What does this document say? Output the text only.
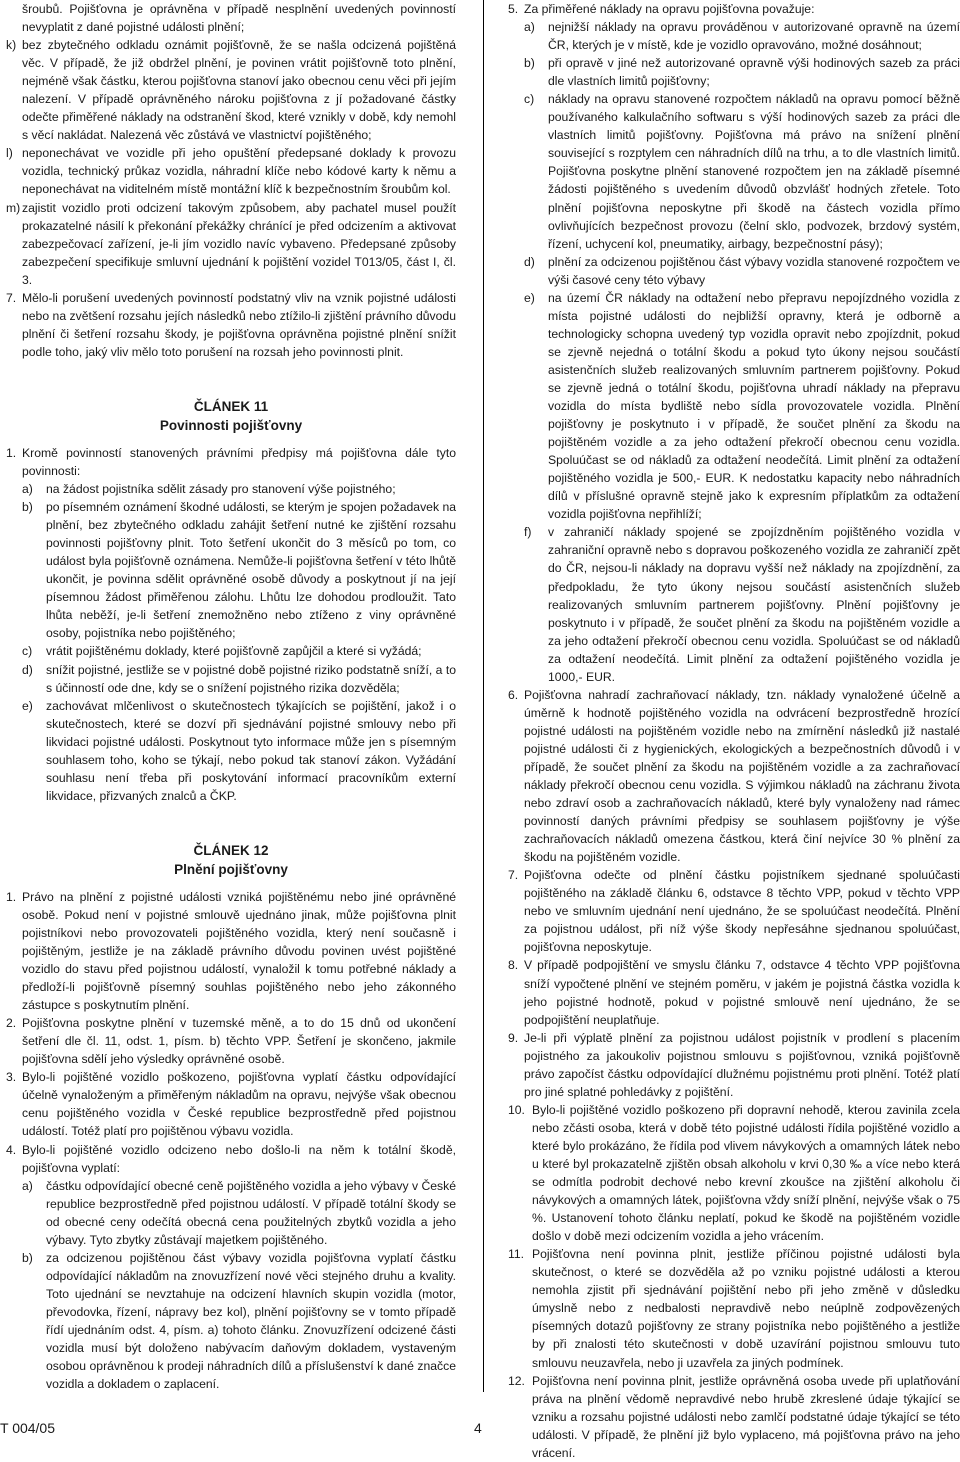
šroubů. Pojišťovna je oprávněna v případě nesplnění uvedených povinností nevyplatit z dané pojistné události plnění;

k) bez zbytečného odkladu oznámit pojišťovně, že se našla odcizená pojištěná věc. V případě, že již obdržel plnění, je povinen vrátit pojišťovně toto plnění, nejméně však částku, kterou pojišťovna stanoví jako obecnou cenu věci při jejím nalezení. V případě oprávněného nároku pojišťovna z jí požadované částky odečte přiměřené náklady na odstranění škod, které vznikly v době, kdy nemohl s věcí nakládat. Nalezená věc zůstává ve vlastnictví pojištěného;
l) neponechávat ve vozidle při jeho opuštění předepsané doklady k provozu vozidla, technický průkaz vozidla, náhradní klíče nebo kódové karty k němu a neponechávat na viditelném místě montážní klíč k bezpečnostním šroubům kol.
m) zajistit vozidlo proti odcizení takovým způsobem, aby pachatel musel použít prokazatelné násilí k překonání překážky chránící je před odcizením a aktivovat zabezpečovací zařízení, je-li jím vozidlo navíc vybaveno. Předepsané způsoby zabezpečení specifikuje smluvní ujednání k pojištění vozidel T013/05, část I, čl. 3.
7. Mělo-li porušení uvedených povinností podstatný vliv na vznik pojistné události nebo na zvětšení rozsahu jejích následků nebo ztížilo-li zjištění právního důvodu plnění či šetření rozsahu škody, je pojišťovna oprávněna pojistné plnění snížit podle toho, jaký vliv mělo toto porušení na rozsah jeho povinnosti plnit.
ČLÁNEK 11
Povinnosti pojišťovny
1. Kromě povinností stanovených právními předpisy má pojišťovna dále tyto povinnosti:
a)	na žádost pojistníka sdělit zásady pro stanovení výše pojistného;
b)	po písemném oznámení škodné události, se kterým je spojen požadavek na plnění, bez zbytečného odkladu zahájit šetření nutné ke zjištění rozsahu povinnosti pojišťovny plnit. Toto šetření ukončit do 3 měsíců po tom, co událost byla pojišťovně oznámena. Nemůže-li pojišťovna šetření v této lhůtě ukončit, je povinna sdělit oprávněné osobě důvody a poskytnout jí na její písemnou žádost přiměřenou zálohu. Lhůtu lze dohodou prodloužit. Tato lhůta neběží, je-li šetření znemožněno nebo ztíženo z viny oprávněné osoby, pojistníka nebo pojištěného;
c)	vrátit pojištěnému doklady, které pojišťovně zapůjčil a které si vyžádá;
d)	snížit pojistné, jestliže se v pojistné době pojistné riziko podstatně sníží, a to s účinností ode dne, kdy se o snížení pojistného rizika dozvěděla;
e)	zachovávat mlčenlivost o skutečnostech týkajících se pojištění, jakož i o skutečnostech, které se dozví při sjednávání pojistné smlouvy nebo při likvidaci pojistné události. Poskytnout tyto informace může jen s písemným souhlasem toho, koho se týkají, nebo pokud tak stanoví zákon. Vyžádání souhlasu není třeba při poskytování informací pracovníkům externí likvidace, přizvaných znalců a ČKP.
ČLÁNEK 12
Plnění pojišťovny
1. Právo na plnění z pojistné události vzniká pojištěnému nebo jiné oprávněné osobě. Pokud není v pojistné smlouvě ujednáno jinak, může pojišťovna plnit pojistníkovi nebo provozovateli pojištěného vozidla, který není současně i pojištěným, jestliže je na základě právního důvodu povinen uvést pojištěné vozidlo do stavu před pojistnou událostí, vynaložil k tomu potřebné náklady a předloží-li pojišťovně písemný souhlas pojištěného nebo jeho zákonného zástupce s poskytnutím plnění.
2. Pojišťovna poskytne plnění v tuzemské měně, a to do 15 dnů od ukončení šetření dle čl. 11, odst. 1, písm. b) těchto VPP. Šetření je skončeno, jakmile pojišťovna sdělí jeho výsledky oprávněné osobě.
3. Bylo-li pojištěné vozidlo poškozeno, pojišťovna vyplatí částku odpovídající účelně vynaloženým a přiměřeným nákladům na opravu, nejvýše však obecnou cenu pojištěného vozidla v České republice bezprostředně před pojistnou událostí. Totéž platí pro pojištěnou výbavu vozidla.
4. Bylo-li pojištěné vozidlo odcizeno nebo došlo-li na něm k totální škodě, pojišťovna vyplatí:
a)	částku odpovídající obecné ceně pojištěného vozidla a jeho výbavy v České republice bezprostředně před pojistnou událostí. V případě totální škody se od obecné ceny odečítá obecná cena použitelných zbytků vozidla a jeho výbavy. Tyto zbytky zůstávají majetkem pojištěného.
b)	za odcizenou pojištěnou část výbavy vozidla pojišťovna vyplatí částku odpovídající nákladům na znovuzřízení nové věci stejného druhu a kvality. Toto ujednání se nevztahuje na odcizení hlavních skupin vozidla (motor, převodovka, řízení, nápravy bez kol), plnění pojišťovny se v tomto případě řídí ujednáním odst. 4, písm. a) tohoto článku. Znovuzřízení odcizené části vozidla musí být doloženo nabývacím daňovým dokladem, vystaveným osobou oprávněnou k prodeji náhradních dílů a příslušenství k dané značce vozidla a dokladem o zaplacení.
5. Za přiměřené náklady na opravu pojišťovna považuje:
a)	nejnižší náklady na opravu prováděnou v autorizované opravně na území ČR, kterých je v místě, kde je vozidlo opravováno, možné dosáhnout;
b)	při opravě v jiné než autorizované opravně výši hodinových sazeb za práci dle vlastních limitů pojišťovny;
c)	náklady na opravu stanovené rozpočtem nákladů na opravu pomocí běžně používaného kalkulačního softwaru s výší hodinových sazeb za práci dle vlastních limitů pojišťovny. Pojišťovna má právo na snížení plnění související s rozptylem cen náhradních dílů na trhu, a to dle vlastních limitů. Pojišťovna poskytne plnění stanovené rozpočtem jen na základě písemné žádosti pojištěného s uvedením důvodů obzvlášť hodných zřetele. Toto plnění pojišťovna neposkytne při škodě na částech vozidla přímo ovlivňujících bezpečnost provozu (čelní sklo, podvozek, brzdový systém, řízení, uchycení kol, pneumatiky, airbagy, bezpečnostní pásy);
d)	plnění za odcizenou pojištěnou část výbavy vozidla stanovené rozpočtem ve výši časové ceny této výbavy
e)	na území ČR náklady na odtažení nebo přepravu nepojízdného vozidla z místa pojistné události do nejbližší opravny, která je odborně a technologicky schopna uvedený typ vozidla opravit nebo zpojízdnit, pokud se zjevně nejedná o totální škodu a pokud tyto úkony nejsou součástí asistenčních služeb realizovaných smluvním partnerem pojišťovny. Pokud se zjevně jedná o totální škodu, pojišťovna uhradí náklady na přepravu vozidla do místa bydliště nebo sídla provozovatele vozidla. Plnění pojišťovny je poskytnuto i v případě, že součet plnění za škodu na pojištěném vozidle a za jeho odtažení překročí obecnou cenu vozidla. Spoluúčast se od nákladů za odtažení neodečítá. Limit plnění za odtažení pojištěného vozidla je 500,- EUR. K nedostatku kapacity nebo náhradních dílů v příslušné opravně stejně jako k expresním příplatkům za odtažení vozidla pojišťovna nepřihlíží;
f)	v zahraničí náklady spojené se zpojízdněním pojištěného vozidla v zahraniční opravně nebo s dopravou poškozeného vozidla ze zahraničí zpět do ČR, nejsou-li náklady na dopravu vyšší než náklady na zpojízdnění, za předpokladu, že tyto úkony nejsou součástí asistenčních služeb realizovaných smluvním partnerem pojišťovny. Plnění pojišťovny je poskytnuto i v případě, že součet plnění za škodu na pojištěném vozidle a za jeho odtažení překročí obecnou cenu vozidla. Spoluúčast se od nákladů za odtažení neodečítá. Limit plnění za odtažení pojištěného vozidla je 1000,- EUR.
6. Pojišťovna nahradí zachraňovací náklady, tzn. náklady vynaložené účelně a úměrně k hodnotě pojištěného vozidla na odvrácení bezprostředně hrozící pojistné události na pojištěném vozidle nebo na zmírnění následků již nastalé pojistné události či z hygienických, ekologických a bezpečnostních důvodů i v případě, že součet plnění za škodu na pojištěném vozidle a za zachraňovací náklady překročí obecnou cenu vozidla. S výjimkou nákladů na záchranu života nebo zdraví osob a zachraňovacích nákladů, které byly vynaloženy nad rámec povinností daných právními předpisy se souhlasem pojišťovny je výše zachraňovacích nákladů omezena částkou, která činí nejvíce 30 % plnění za škodu na pojištěném vozidle.
7. Pojišťovna odečte od plnění částku pojistníkem sjednané spoluúčasti pojištěného na základě článku 6, odstavce 8 těchto VPP, pokud v těchto VPP nebo ve smluvním ujednání není ujednáno, že se spoluúčast neodečítá. Plnění za pojistnou událost, při níž výše škody nepřesáhne sjednanou spoluúčast, pojišťovna neposkytuje.
8. V případě podpojištění ve smyslu článku 7, odstavce 4 těchto VPP pojišťovna sníží vypočtené plnění ve stejném poměru, v jakém je pojistná částka vozidla k jeho pojistné hodnotě, pokud v pojistné smlouvě není ujednáno, že se podpojištění neuplatňuje.
9. Je-li při výplatě plnění za pojistnou událost pojistník v prodlení s placením pojistného za jakoukoliv pojistnou smlouvu s pojišťovnou, vzniká pojišťovně právo započíst částku odpovídající dlužnému pojistnému proti plnění. Totéž platí pro jiné splatné pohledávky z pojištění.
10. Bylo-li pojištěné vozidlo poškozeno při dopravní nehodě, kterou zavinila zcela nebo zčásti osoba, která v době této pojistné události řídila pojištěné vozidlo a které bylo prokázáno, že řídila pod vlivem návykových a omamných látek nebo u které byl prokazatelně zjištěn obsah alkoholu v krvi 0,30 ‰ a více nebo která se odmítla podrobit dechové nebo krevní zkoušce na zjištění alkoholu či návykových a omamných látek, pojišťovna vždy sníží plnění, nejvýše však o 75 %. Ustanovení tohoto článku neplatí, pokud ke škodě na pojištěném vozidle došlo v době mezi odcizením vozidla a jeho vrácením.
11. Pojišťovna není povinna plnit, jestliže příčinou pojistné události byla skutečnost, o které se dozvěděla až po vzniku pojistné události a kterou nemohla zjistit při sjednávání pojištění nebo při jeho změně v důsledku úmyslně nebo z nedbalosti nepravdivě nebo neúplně zodpovězených písemných dotazů pojišťovny ze strany pojistníka nebo pojištěného a jestliže by při znalosti této skutečnosti v době uzavírání pojistnou smlouvu tuto smlouvu neuzavřela, nebo ji uzavřela za jiných podmínek.
12. Pojišťovna není povinna plnit, jestliže oprávněná osoba uvede při uplatňování práva na plnění vědomě nepravdivé nebo hrubě zkreslené údaje týkající se vzniku a rozsahu pojistné události nebo zamlčí podstatné údaje týkající se této události. V případě, že plnění již bylo vyplaceno, má pojišťovna právo na jeho vrácení.
T 004/05	4
